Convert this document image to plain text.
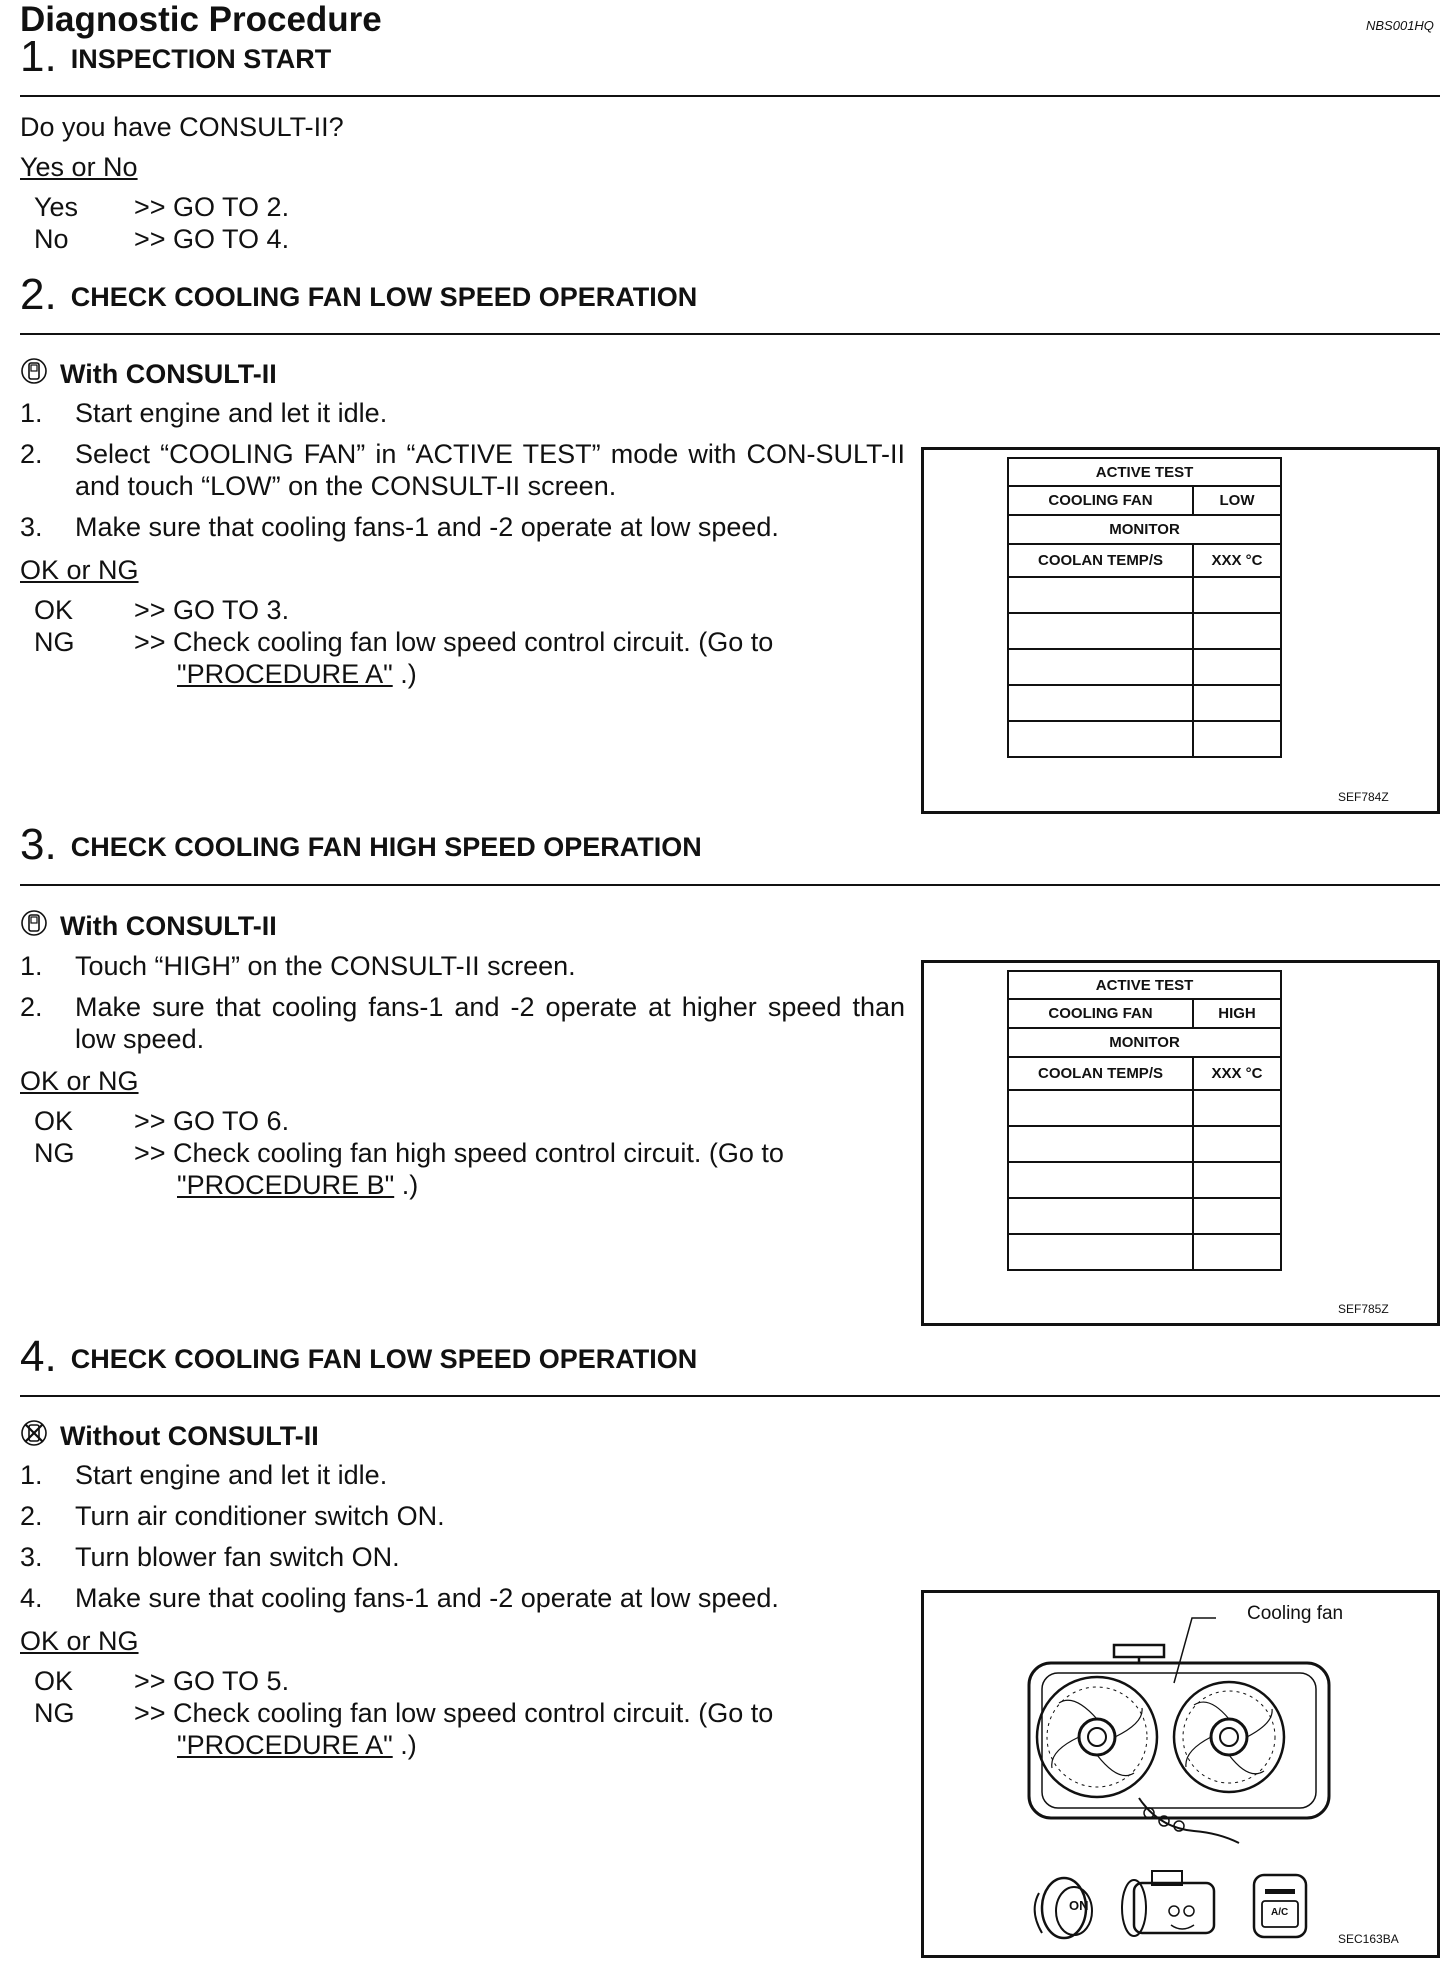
Diagnostic Procedure	NBS001HQ
1. INSPECTION START
Do you have CONSULT-II?
Yes or No
Yes >> GO TO 2.
No >> GO TO 4.
2. CHECK COOLING FAN LOW SPEED OPERATION
With CONSULT-II
1. Start engine and let it idle.
2. Select “COOLING FAN” in “ACTIVE TEST” mode with CON-SULT-II and touch “LOW” on the CONSULT-II screen.
3. Make sure that cooling fans-1 and -2 operate at low speed.
OK or NG
OK >> GO TO 3.
NG >> Check cooling fan low speed control circuit. (Go to
"PROCEDURE A" .)
ACTIVE TEST	
COOLING FAN	LOW
MONITOR	
COOLAN TEMP/S	XXX °C

SEF784Z
3. CHECK COOLING FAN HIGH SPEED OPERATION
With CONSULT-II
1. Touch “HIGH” on the CONSULT-II screen.
2. Make sure that cooling fans-1 and -2 operate at higher speed than low speed.
OK or NG
OK >> GO TO 6.
NG >> Check cooling fan high speed control circuit. (Go to
"PROCEDURE B" .)
ACTIVE TEST	
COOLING FAN	HIGH
MONITOR	
COOLAN TEMP/S	XXX °C

SEF785Z
4. CHECK COOLING FAN LOW SPEED OPERATION
Without CONSULT-II
1. Start engine and let it idle.
2. Turn air conditioner switch ON.
3. Turn blower fan switch ON.
4. Make sure that cooling fans-1 and -2 operate at low speed.
OK or NG
OK >> GO TO 5.
NG >> Check cooling fan low speed control circuit. (Go to
"PROCEDURE A" .)
Cooling fan
ON	A/C
SEC163BA
